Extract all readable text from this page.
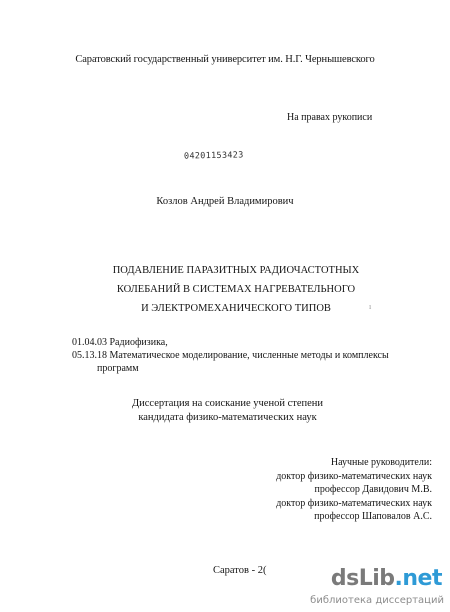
Саратовский государственный университет им. Н.Г. Чернышевского
На правах рукописи
04201153423
Козлов Андрей Владимирович
ПОДАВЛЕНИЕ ПАРАЗИТНЫХ РАДИОЧАСТОТНЫХ
КОЛЕБАНИЙ В СИСТЕМАХ НАГРЕВАТЕЛЬНОГО
И ЭЛЕКТРОМЕХАНИЧЕСКОГО ТИПОВ	ı
01.04.03 Радиофизика,
05.13.18 Математическое моделирование, численные методы и комплексы
программ
Диссертация на соискание ученой степени
кандидата физико-математических наук
Научные руководители:
доктор физико-математических наук
профессор Давидович М.В.
доктор физико-математических наук
профессор Шаповалов А.С.
Саратов - 2(	dsLib.net
библиотека диссертаций
